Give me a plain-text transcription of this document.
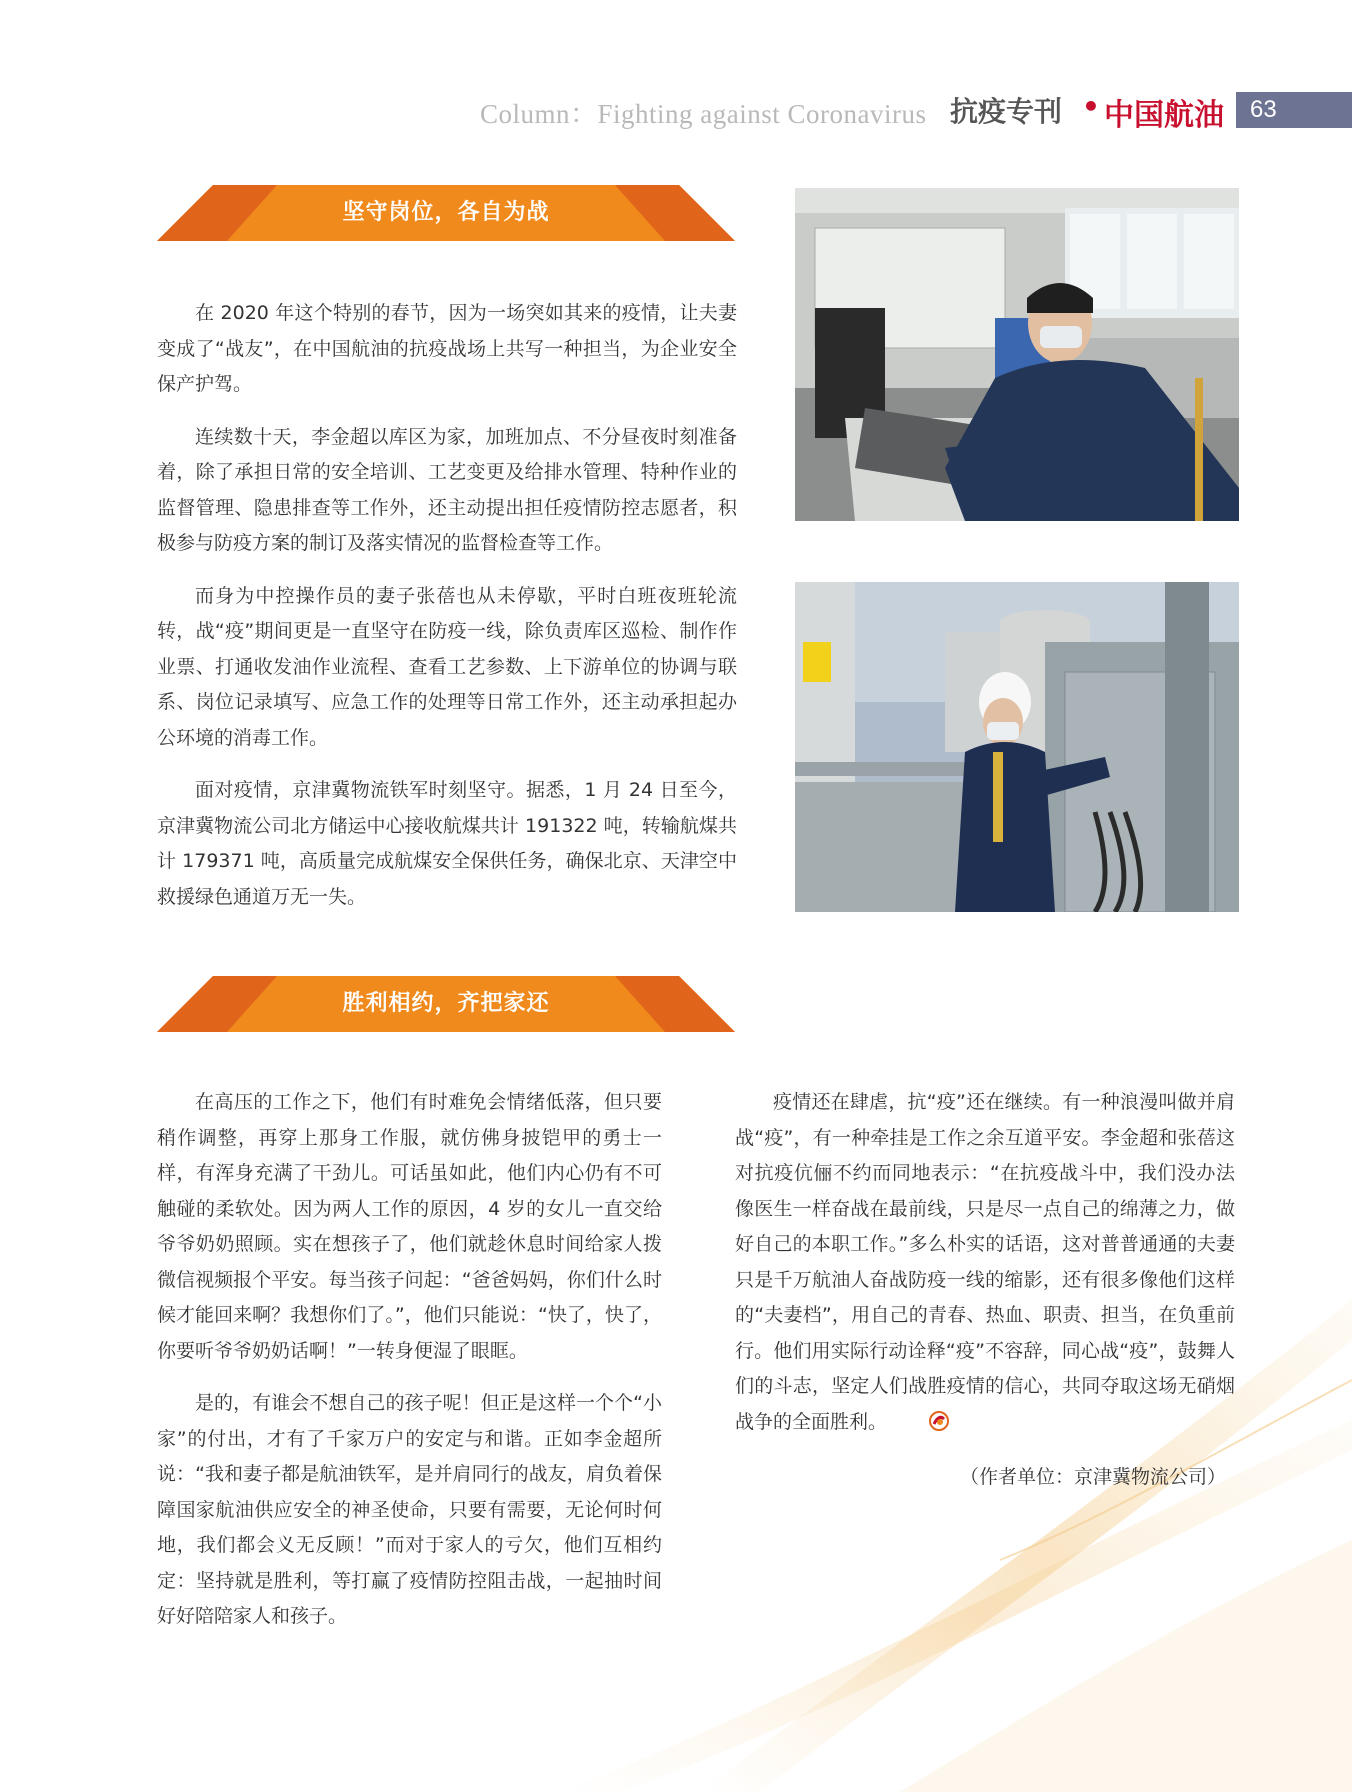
Column：Fighting against Coronavirus 抗疫专刊 • 中国航油 63
坚守岗位，各自为战

在 2020 年这个特别的春节，因为一场突如其来的疫情，让夫妻变成了“战友”，在中国航油的抗疫战场上共写一种担当，为企业安全保产护驾。

连续数十天，李金超以库区为家，加班加点、不分昼夜时刻准备着，除了承担日常的安全培训、工艺变更及给排水管理、特种作业的监督管理、隐患排查等工作外，还主动提出担任疫情防控志愿者，积极参与防疫方案的制订及落实情况的监督检查等工作。

而身为中控操作员的妻子张蓓也从未停歇，平时白班夜班轮流转，战“疫”期间更是一直坚守在防疫一线，除负责库区巡检、制作作业票、打通收发油作业流程、查看工艺参数、上下游单位的协调与联系、岗位记录填写、应急工作的处理等日常工作外，还主动承担起办公环境的消毒工作。

面对疫情，京津冀物流铁军时刻坚守。据悉，1 月 24 日至今，京津冀物流公司北方储运中心接收航煤共计 191322 吨，转输航煤共计 179371 吨，高质量完成航煤安全保供任务，确保北京、天津空中救援绿色通道万无一失。

胜利相约，齐把家还

在高压的工作之下，他们有时难免会情绪低落，但只要稍作调整，再穿上那身工作服，就仿佛身披铠甲的勇士一样，有浑身充满了干劲儿。可话虽如此，他们内心仍有不可触碰的柔软处。因为两人工作的原因，4 岁的女儿一直交给爷爷奶奶照顾。实在想孩子了，他们就趁休息时间给家人拨微信视频报个平安。每当孩子问起：“爸爸妈妈，你们什么时候才能回来啊？我想你们了。”，他们只能说：“快了，快了，你要听爷爷奶奶话啊！”一转身便湿了眼眶。

是的，有谁会不想自己的孩子呢！但正是这样一个个“小家”的付出，才有了千家万户的安定与和谐。正如李金超所说：“我和妻子都是航油铁军，是并肩同行的战友，肩负着保障国家航油供应安全的神圣使命，只要有需要，无论何时何地，我们都会义无反顾！”而对于家人的亏欠，他们互相约定：坚持就是胜利，等打赢了疫情防控阻击战，一起抽时间好好陪陪家人和孩子。

疫情还在肆虐，抗“疫”还在继续。有一种浪漫叫做并肩战“疫”，有一种牵挂是工作之余互道平安。李金超和张蓓这对抗疫伉俪不约而同地表示：“在抗疫战斗中，我们没办法像医生一样奋战在最前线，只是尽一点自己的绵薄之力，做好自己的本职工作。”多么朴实的话语，这对普普通通的夫妻只是千万航油人奋战防疫一线的缩影，还有很多像他们这样的“夫妻档”，用自己的青春、热血、职责、担当，在负重前行。他们用实际行动诠释“疫”不容辞，同心战“疫”，鼓舞人们的斗志，坚定人们战胜疫情的信心，共同夺取这场无硝烟战争的全面胜利。

（作者单位：京津冀物流公司）
